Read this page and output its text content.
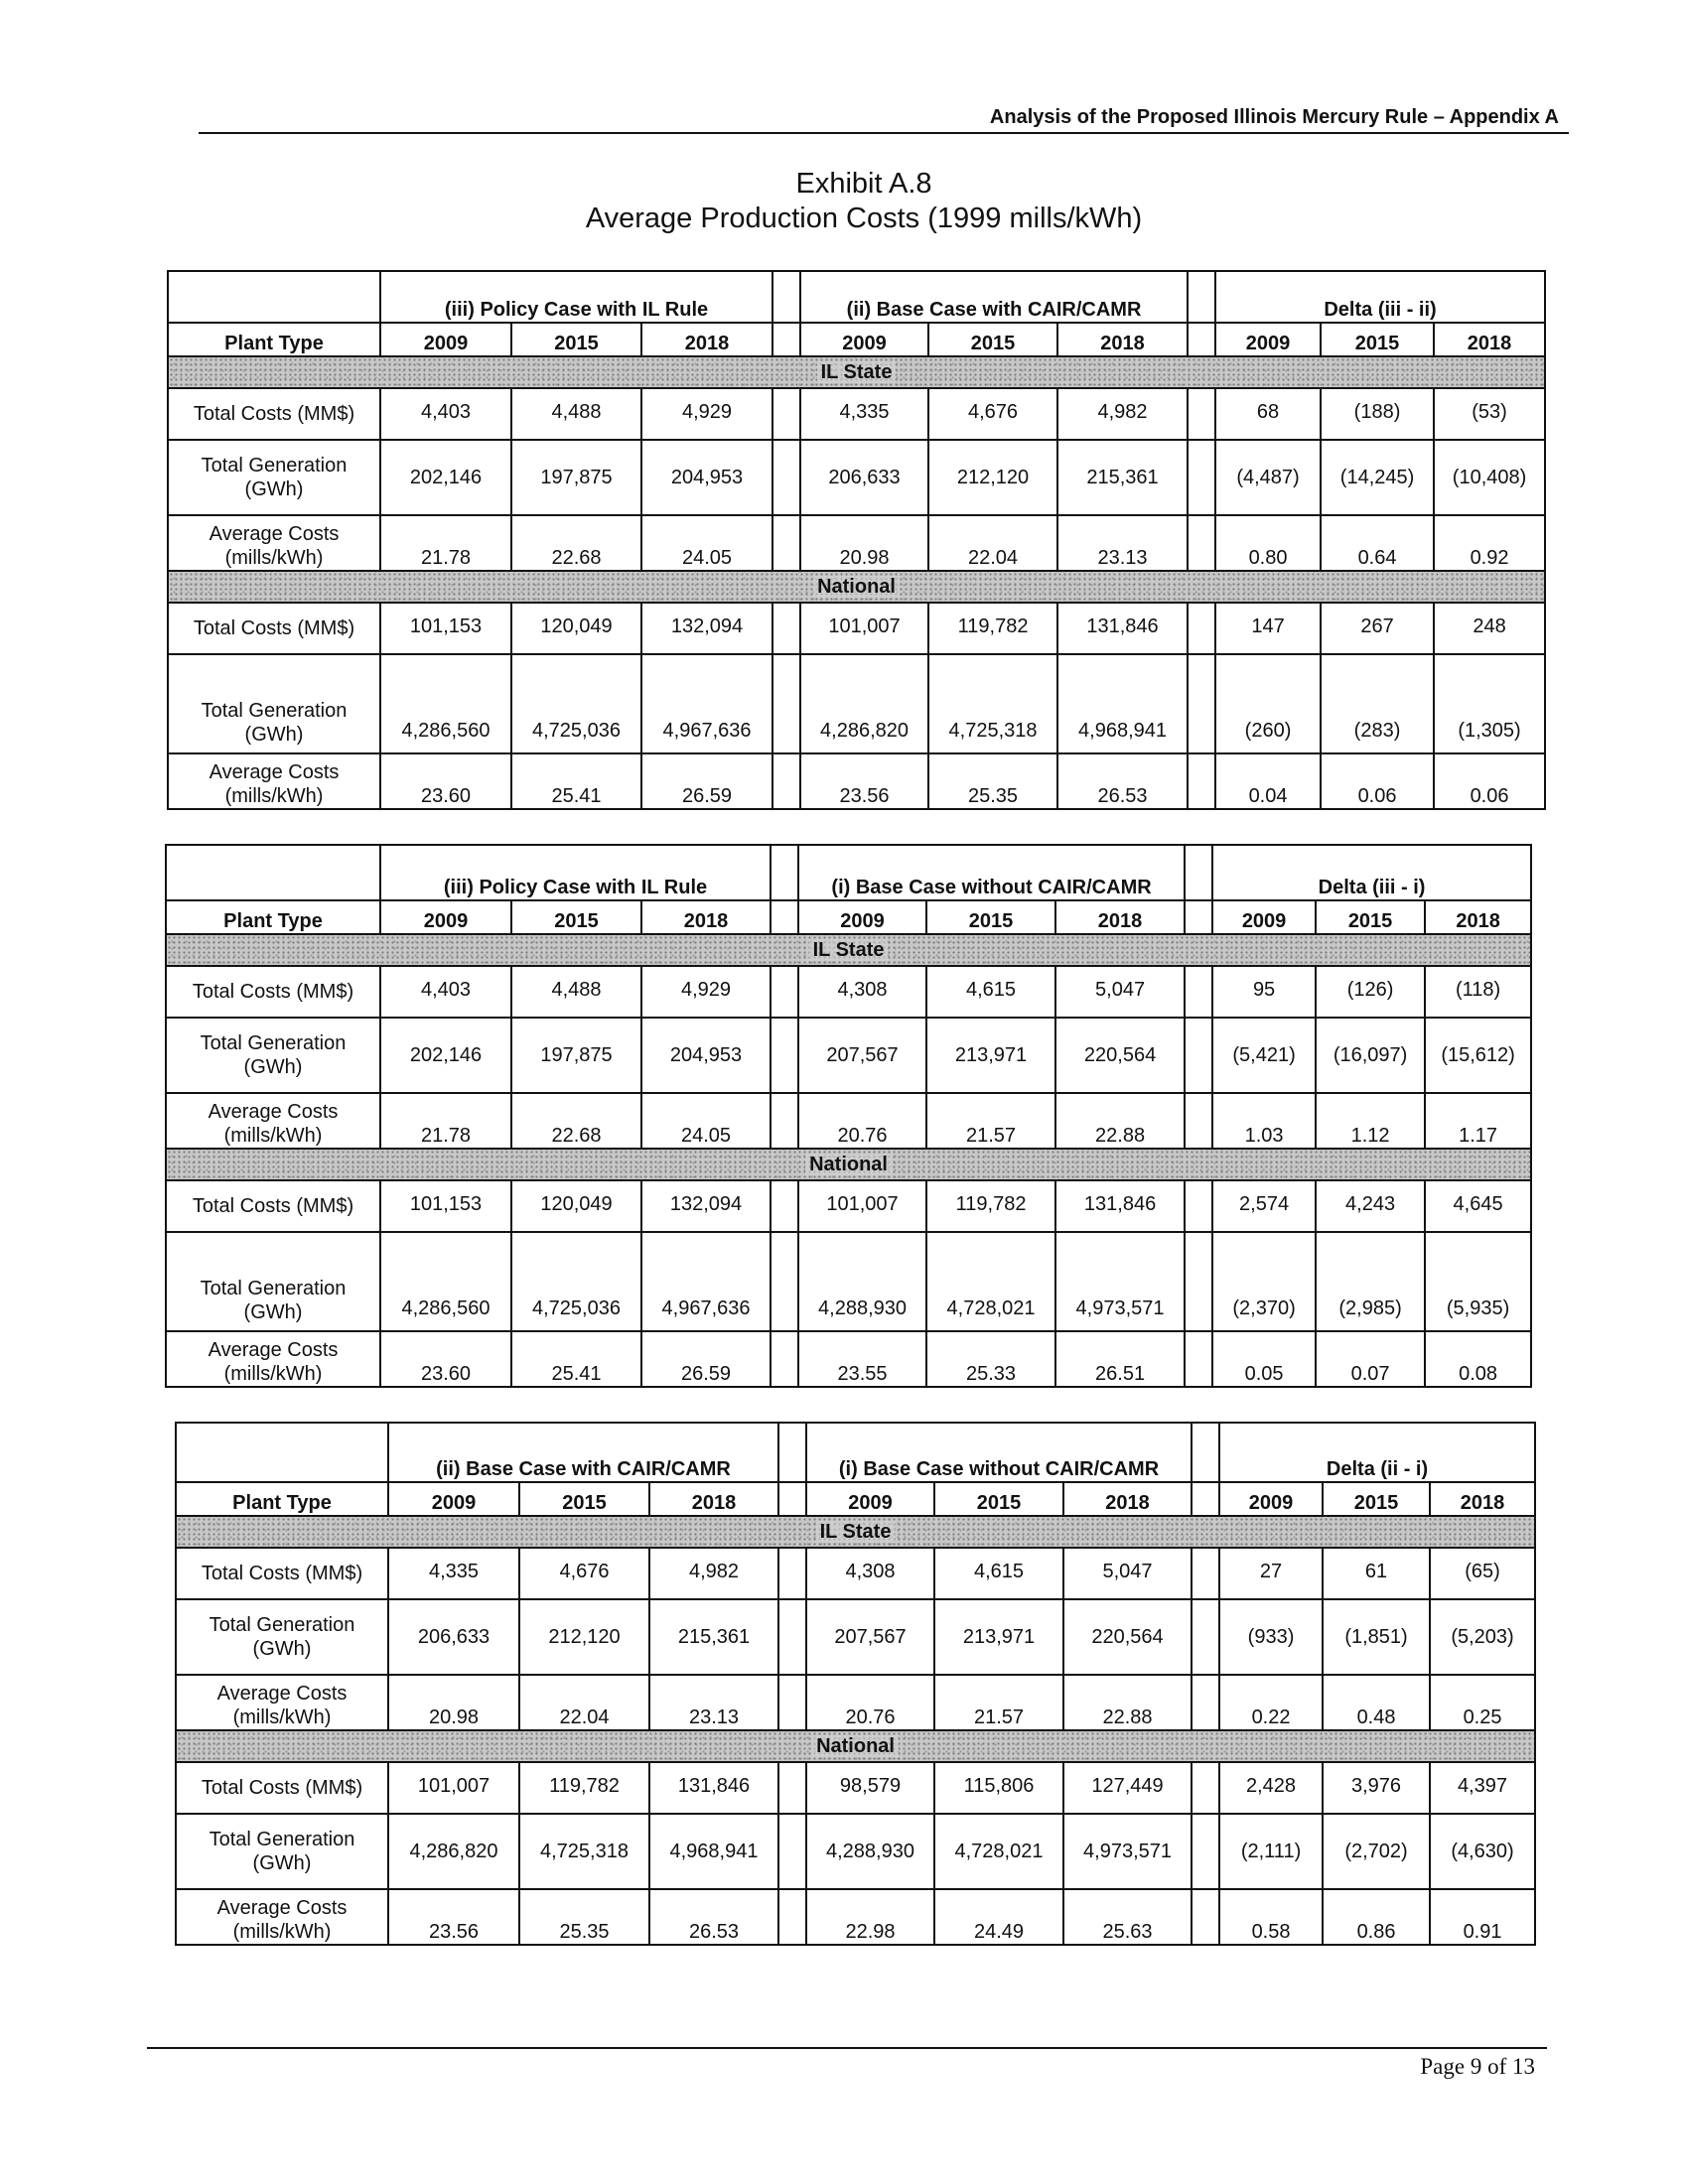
Analysis of the Proposed Illinois Mercury Rule – Appendix A
Exhibit A.8
Average Production Costs (1999 mills/kWh)
	(iii) Policy Case with IL Rule				(ii) Base Case with CAIR/CAMR				Delta (iii - ii)		
Plant Type	2009	2015	2018		2009	2015	2018		2009	2015	2018
IL State											
Total Costs (MM$)	4,403	4,488	4,929		4,335	4,676	4,982		68	(188)	(53)
Total Generation (GWh)	202,146	197,875	204,953		206,633	212,120	215,361		(4,487)	(14,245)	(10,408)
Average Costs (mills/kWh)	21.78	22.68	24.05		20.98	22.04	23.13		0.80	0.64	0.92
National											
Total Costs (MM$)	101,153	120,049	132,094		101,007	119,782	131,846		147	267	248
Total Generation (GWh)	4,286,560	4,725,036	4,967,636		4,286,820	4,725,318	4,968,941		(260)	(283)	(1,305)
Average Costs (mills/kWh)	23.60	25.41	26.59		23.56	25.35	26.53		0.04	0.06	0.06
	(iii) Policy Case with IL Rule				(i) Base Case without CAIR/CAMR				Delta (iii - i)		
Plant Type	2009	2015	2018		2009	2015	2018		2009	2015	2018
IL State											
Total Costs (MM$)	4,403	4,488	4,929		4,308	4,615	5,047		95	(126)	(118)
Total Generation (GWh)	202,146	197,875	204,953		207,567	213,971	220,564		(5,421)	(16,097)	(15,612)
Average Costs (mills/kWh)	21.78	22.68	24.05		20.76	21.57	22.88		1.03	1.12	1.17
National											
Total Costs (MM$)	101,153	120,049	132,094		101,007	119,782	131,846		2,574	4,243	4,645
Total Generation (GWh)	4,286,560	4,725,036	4,967,636		4,288,930	4,728,021	4,973,571		(2,370)	(2,985)	(5,935)
Average Costs (mills/kWh)	23.60	25.41	26.59		23.55	25.33	26.51		0.05	0.07	0.08
	(ii) Base Case with CAIR/CAMR				(i) Base Case without CAIR/CAMR				Delta (ii - i)		
Plant Type	2009	2015	2018		2009	2015	2018		2009	2015	2018
IL State											
Total Costs (MM$)	4,335	4,676	4,982		4,308	4,615	5,047		27	61	(65)
Total Generation (GWh)	206,633	212,120	215,361		207,567	213,971	220,564		(933)	(1,851)	(5,203)
Average Costs (mills/kWh)	20.98	22.04	23.13		20.76	21.57	22.88		0.22	0.48	0.25
National											
Total Costs (MM$)	101,007	119,782	131,846		98,579	115,806	127,449		2,428	3,976	4,397
Total Generation (GWh)	4,286,820	4,725,318	4,968,941		4,288,930	4,728,021	4,973,571		(2,111)	(2,702)	(4,630)
Average Costs (mills/kWh)	23.56	25.35	26.53		22.98	24.49	25.63		0.58	0.86	0.91
Page 9 of 13
